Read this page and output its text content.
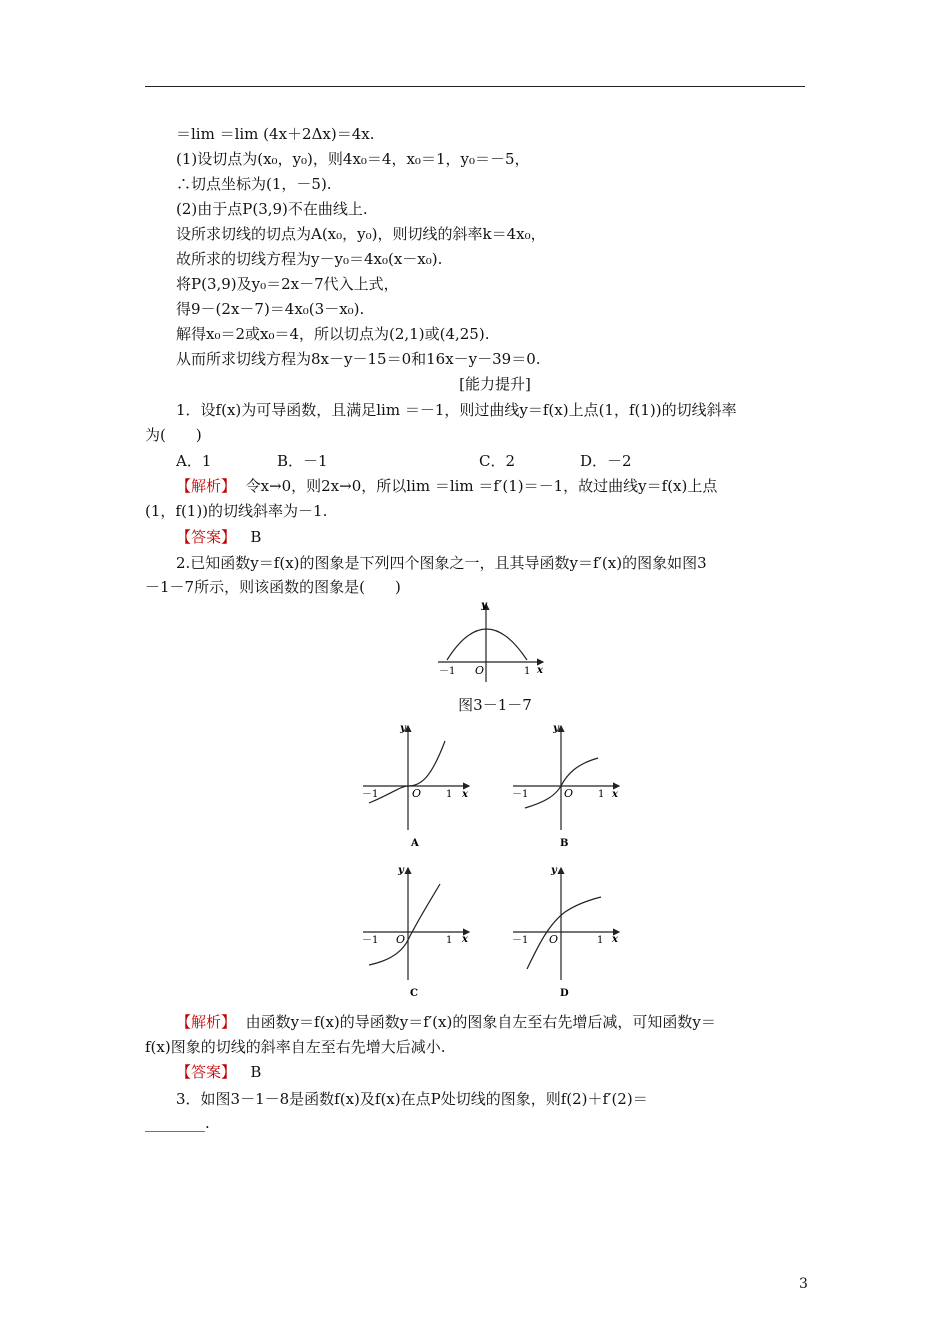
＝lim ＝lim (4x＋2Δx)＝4x.
(1)设切点为(x₀，y₀)，则4x₀＝4，x₀＝1，y₀＝－5，
∴切点坐标为(1，－5).
(2)由于点P(3,9)不在曲线上.
设所求切线的切点为A(x₀，y₀)，则切线的斜率k＝4x₀，
故所求的切线方程为y－y₀＝4x₀(x－x₀).
将P(3,9)及y₀＝2x－7代入上式，
得9－(2x－7)＝4x₀(3－x₀).
解得x₀＝2或x₀＝4，所以切点为(2,1)或(4,25).
从而所求切线方程为8x－y－15＝0和16x－y－39＝0.
[能力提升]
1．设f(x)为可导函数，且满足lim ＝－1，则过曲线y＝f(x)上点(1，f(1))的切线斜率
为(　　)
A．1	B．－1	C．2	D．－2
【解析】 令x→0，则2x→0，所以lim ＝lim ＝f′(1)＝－1，故过曲线y＝f(x)上点
(1，f(1))的切线斜率为－1.
【答案】 B
2.已知函数y＝f(x)的图象是下列四个图象之一，且其导函数y＝f′(x)的图象如图3
－1－7所示，则该函数的图象是(　　)
y
x
O
－1	1
图3－1－7
y
x
O
－1	1
A
y
x
O
－1	1
B
y
x
O
－1	1
C
y
x
O
－1	1
D
【解析】 由函数y＝f(x)的导函数y＝f′(x)的图象自左至右先增后减，可知函数y＝
f(x)图象的切线的斜率自左至右先增大后减小.
【答案】 B
3．如图3－1－8是函数f(x)及f(x)在点P处切线的图象，则f(2)＋f′(2)＝
________.
3
